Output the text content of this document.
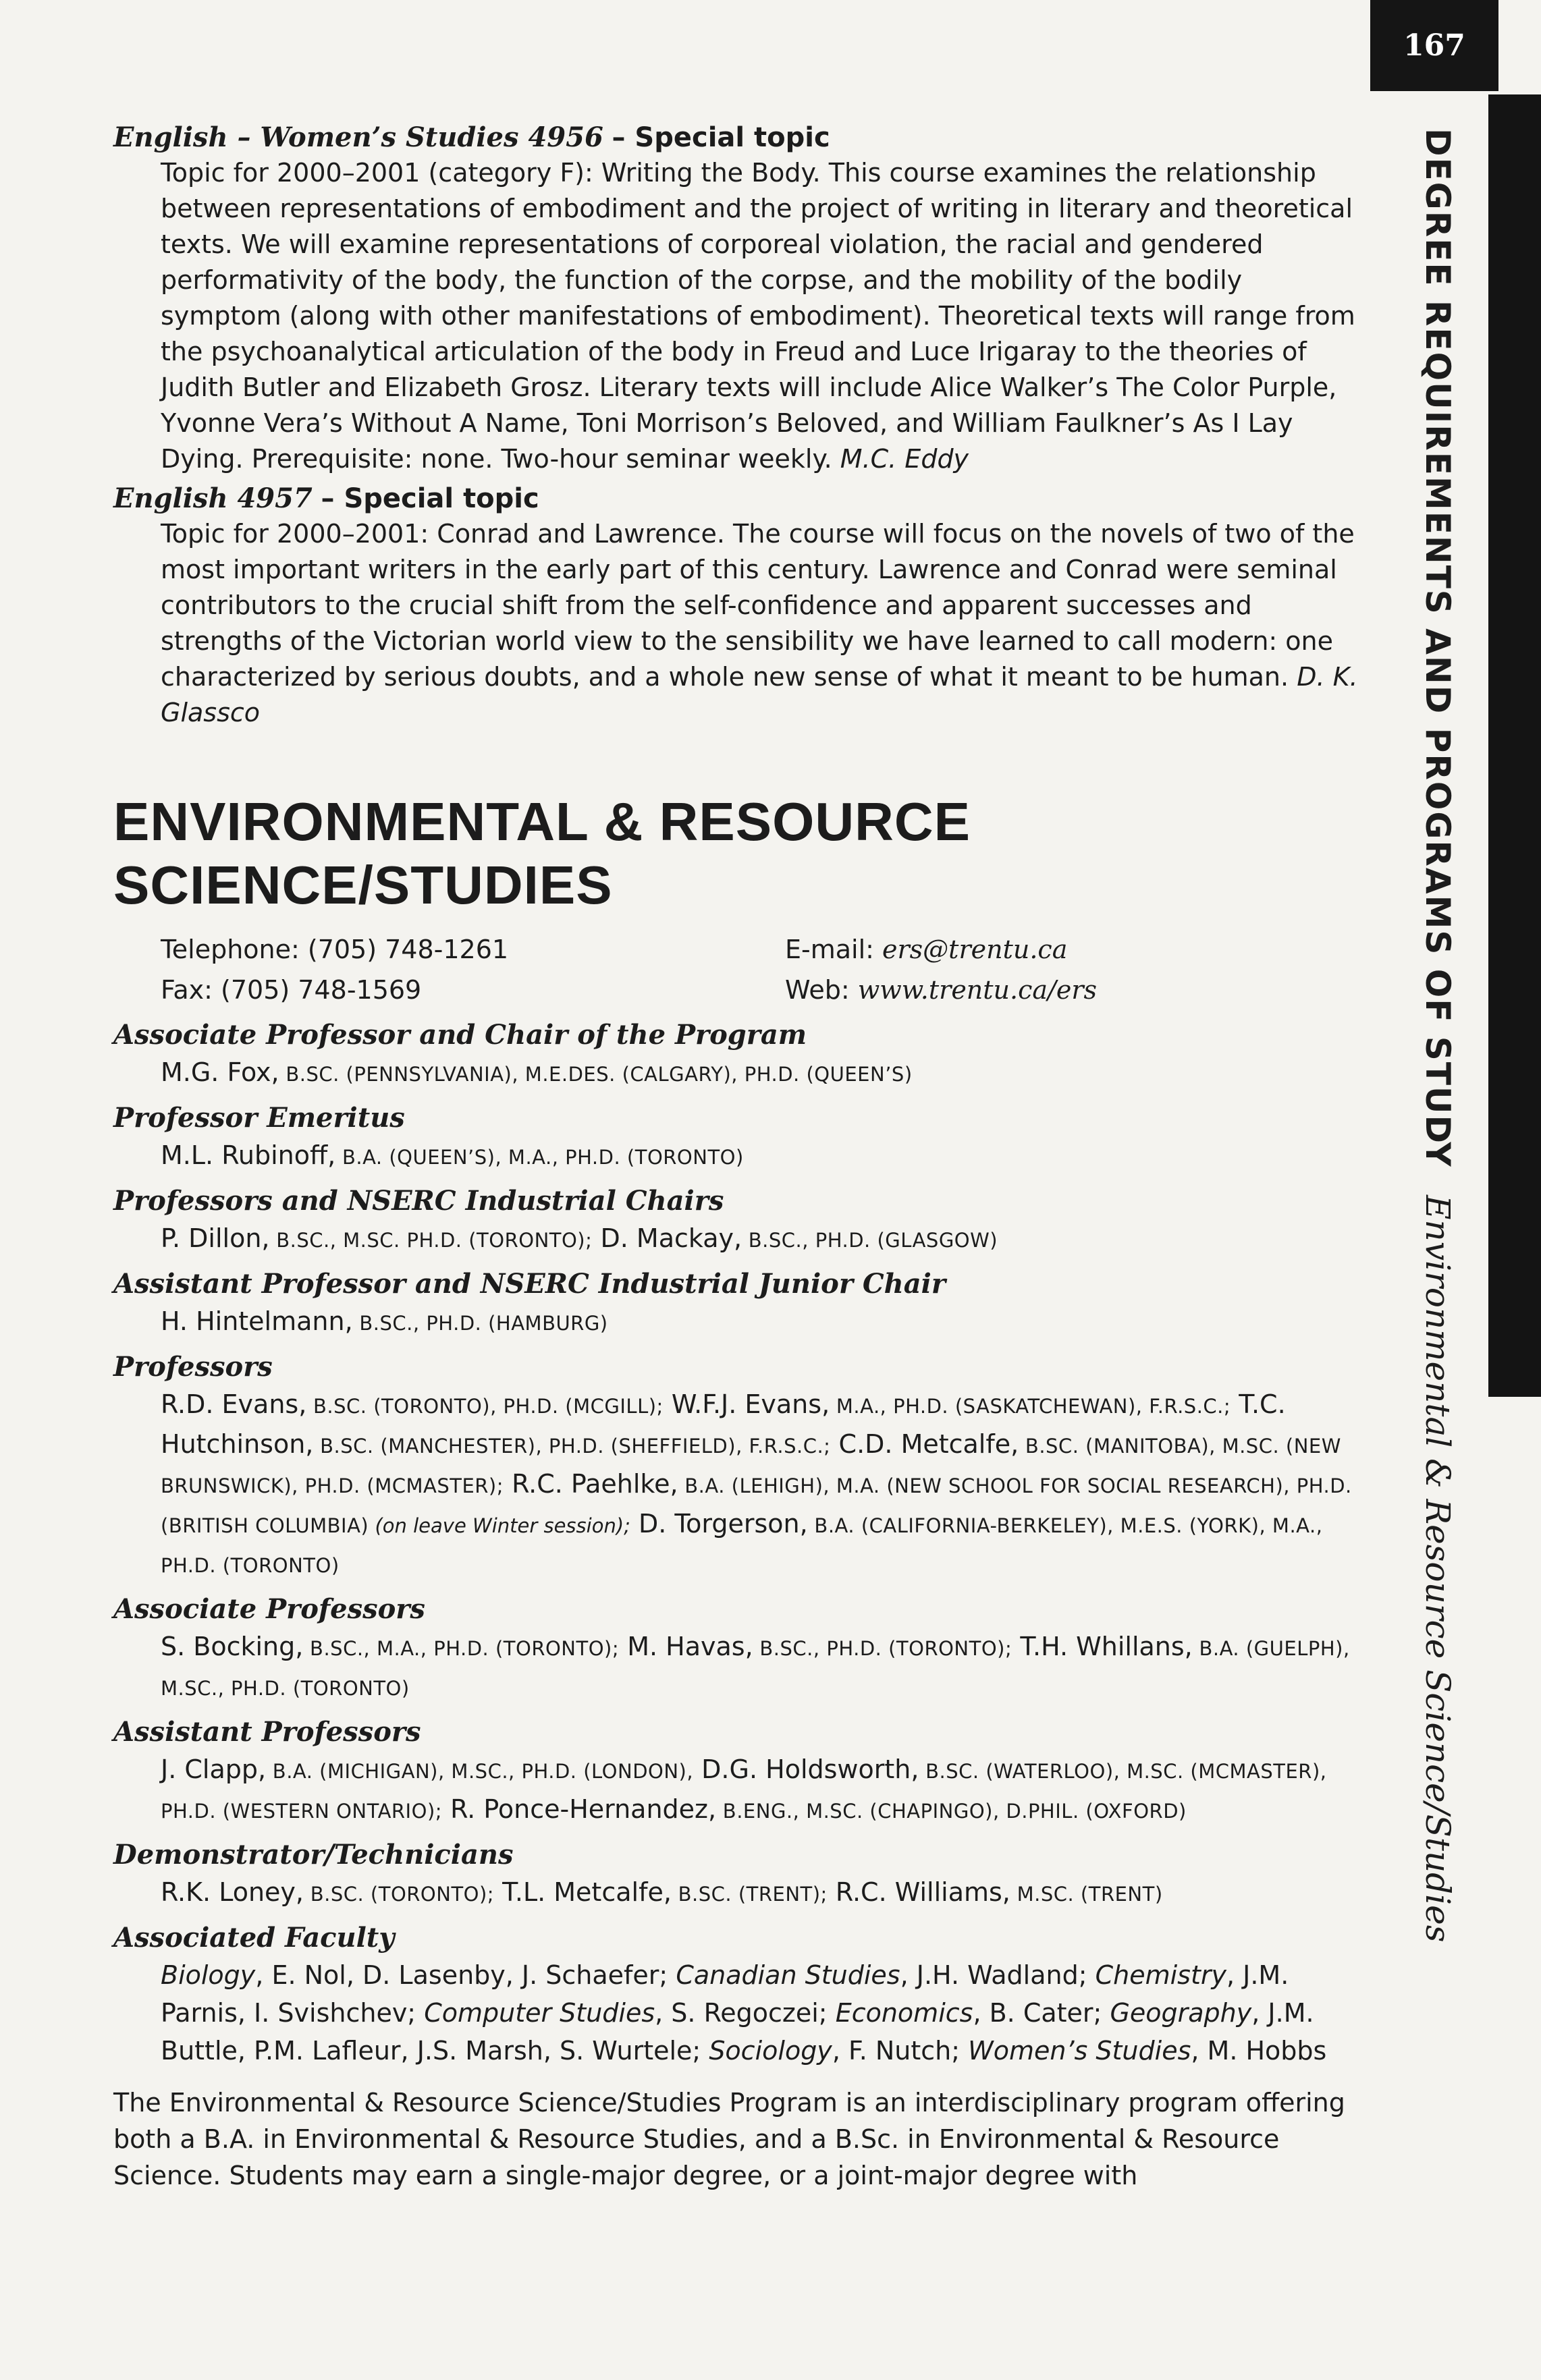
167
DEGREE REQUIREMENTS AND PROGRAMS OF STUDYEnvironmental & Resource Science/Studies
English – Women’s Studies 4956 – Special topic
Topic for 2000–2001 (category F): Writing the Body. This course examines the relationship between representations of embodiment and the project of writing in literary and theoretical texts. We will examine representations of corporeal violation, the racial and gendered performativity of the body, the function of the corpse, and the mobility of the bodily symptom (along with other manifestations of embodiment). Theoretical texts will range from the psychoanalytical articulation of the body in Freud and Luce Irigaray to the theories of Judith Butler and Elizabeth Grosz. Literary texts will include Alice Walker’s The Color Purple, Yvonne Vera’s Without A Name, Toni Morrison’s Beloved, and William Faulkner’s As I Lay Dying. Prerequisite: none. Two-hour seminar weekly. M.C. Eddy
English 4957 – Special topic
Topic for 2000–2001: Conrad and Lawrence. The course will focus on the novels of two of the most important writers in the early part of this century. Lawrence and Conrad were seminal contributors to the crucial shift from the self-confidence and apparent successes and strengths of the Victorian world view to the sensibility we have learned to call modern: one characterized by serious doubts, and a whole new sense of what it meant to be human. D. K. Glassco
ENVIRONMENTAL & RESOURCE
SCIENCE/STUDIES
Telephone: (705) 748-1261	E-mail: ers@trentu.ca
Fax: (705) 748-1569	Web: www.trentu.ca/ers
Associate Professor and Chair of the Program
M.G. Fox, B.SC. (PENNSYLVANIA), M.E.DES. (CALGARY), PH.D. (QUEEN’S)
Professor Emeritus
M.L. Rubinoff, B.A. (QUEEN’S), M.A., PH.D. (TORONTO)
Professors and NSERC Industrial Chairs
P. Dillon, B.SC., M.SC. PH.D. (TORONTO); D. Mackay, B.SC., PH.D. (GLASGOW)
Assistant Professor and NSERC Industrial Junior Chair
H. Hintelmann, B.SC., PH.D. (HAMBURG)
Professors
R.D. Evans, B.SC. (TORONTO), PH.D. (MCGILL); W.F.J. Evans, M.A., PH.D. (SASKATCHEWAN), F.R.S.C.; T.C. Hutchinson, B.SC. (MANCHESTER), PH.D. (SHEFFIELD), F.R.S.C.; C.D. Metcalfe, B.SC. (MANITOBA), M.SC. (NEW BRUNSWICK), PH.D. (MCMASTER); R.C. Paehlke, B.A. (LEHIGH), M.A. (NEW SCHOOL FOR SOCIAL RESEARCH), PH.D. (BRITISH COLUMBIA) (on leave Winter session); D. Torgerson, B.A. (CALIFORNIA-BERKELEY), M.E.S. (YORK), M.A., PH.D. (TORONTO)
Associate Professors
S. Bocking, B.SC., M.A., PH.D. (TORONTO); M. Havas, B.SC., PH.D. (TORONTO); T.H. Whillans, B.A. (GUELPH), M.SC., PH.D. (TORONTO)
Assistant Professors
J. Clapp, B.A. (MICHIGAN), M.SC., PH.D. (LONDON), D.G. Holdsworth, B.SC. (WATERLOO), M.SC. (MCMASTER), PH.D. (WESTERN ONTARIO); R. Ponce-Hernandez, B.ENG., M.SC. (CHAPINGO), D.PHIL. (OXFORD)
Demonstrator/Technicians
R.K. Loney, B.SC. (TORONTO); T.L. Metcalfe, B.SC. (TRENT); R.C. Williams, M.SC. (TRENT)
Associated Faculty
Biology, E. Nol, D. Lasenby, J. Schaefer; Canadian Studies, J.H. Wadland; Chemistry, J.M. Parnis, I. Svishchev; Computer Studies, S. Regoczei; Economics, B. Cater; Geography, J.M. Buttle, P.M. Lafleur, J.S. Marsh, S. Wurtele; Sociology, F. Nutch; Women’s Studies, M. Hobbs
The Environmental & Resource Science/Studies Program is an interdisciplinary program offering both a B.A. in Environmental & Resource Studies, and a B.Sc. in Environmental & Resource Science. Students may earn a single-major degree, or a joint-major degree with
